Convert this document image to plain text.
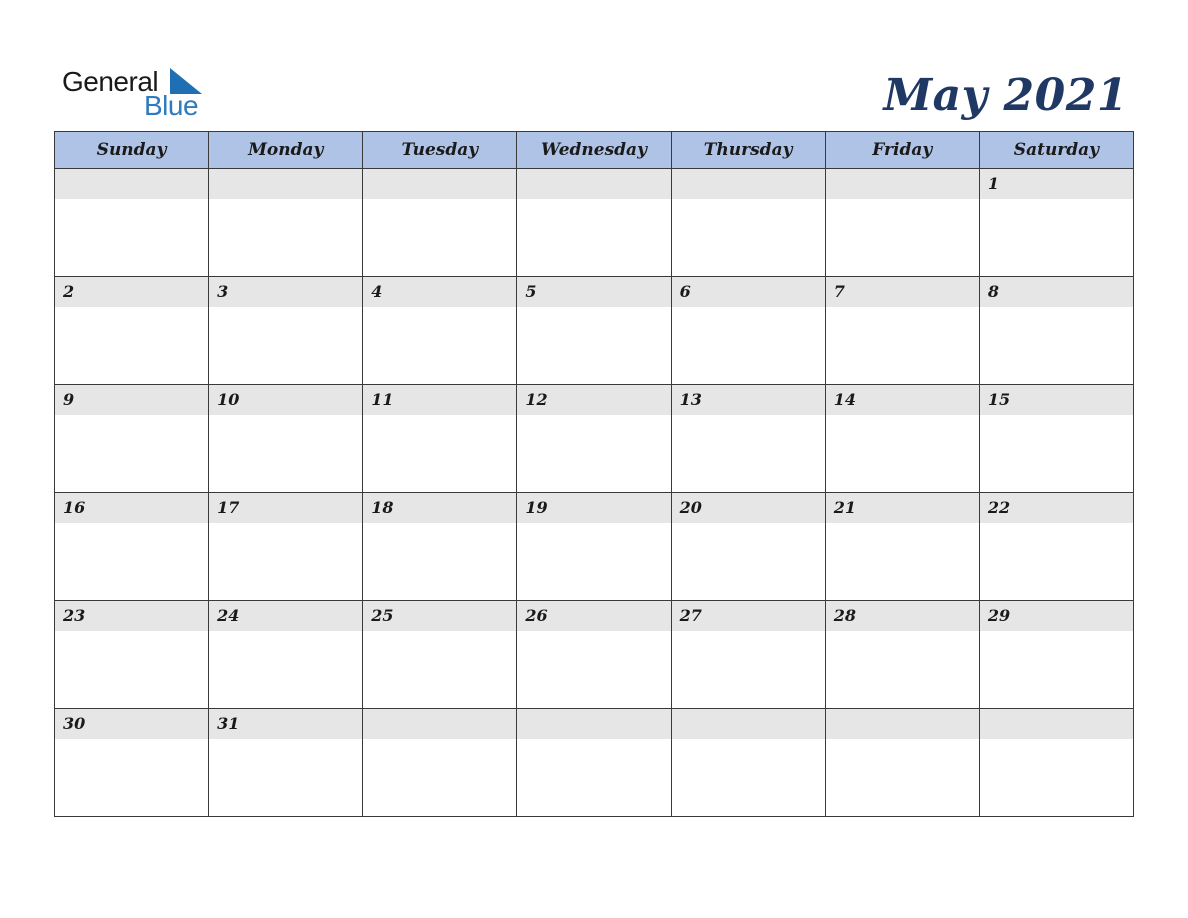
General
Blue	May 2021
Sunday	Monday	Tuesday	Wednesday	Thursday	Friday	Saturday

						1

2	3	4	5	6	7	8

9	10	11	12	13	14	15

16	17	18	19	20	21	22

23	24	25	26	27	28	29

30	31					
